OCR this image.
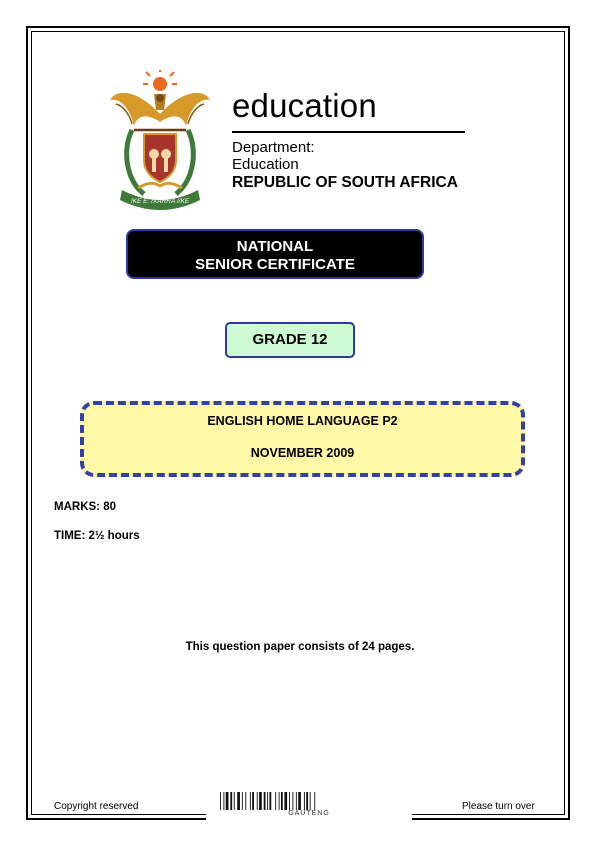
!KE E: /XARRA //KE
education
Department:
Education
REPUBLIC OF SOUTH AFRICA
NATIONAL
SENIOR CERTIFICATE
GRADE 12
ENGLISH HOME LANGUAGE P2
NOVEMBER 2009
MARKS: 80
TIME: 2½ hours
This question paper consists of 24 pages.
Copyright reserved
GAUTENG
Please turn over
